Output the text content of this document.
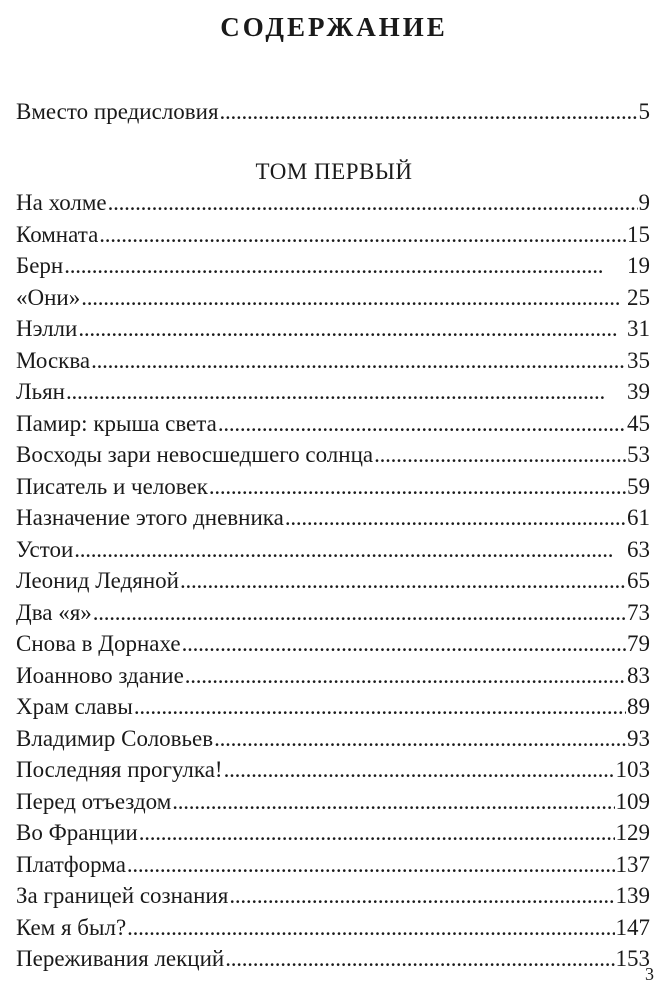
СОДЕРЖАНИЕ
Вместо предисловия . . .	5
ТОМ ПЕРВЫЙ
На холме . . .	9
Комната . . .	15
Берн . . .	19
«Они» . . .	25
Нэлли . . .	31
Москва . . .	35
Льян . . .	39
Памир: крыша света . . .	45
Восходы зари невосшедшего солнца . . .	53
Писатель и человек . . .	59
Назначение этого дневника . . .	61
Устои . . .	63
Леонид Ледяной . . .	65
Два «я» . . .	73
Снова в Дорнахе . . .	79
Иоанново здание . . .	83
Храм славы . . .	89
Владимир Соловьев . . .	93
Последняя прогулка! . . .	103
Перед отъездом . . .	109
Во Франции . . .	129
Платформа . . .	137
За границей сознания . . .	139
Кем я был? . . .	147
Переживания лекций . . .	153
3
